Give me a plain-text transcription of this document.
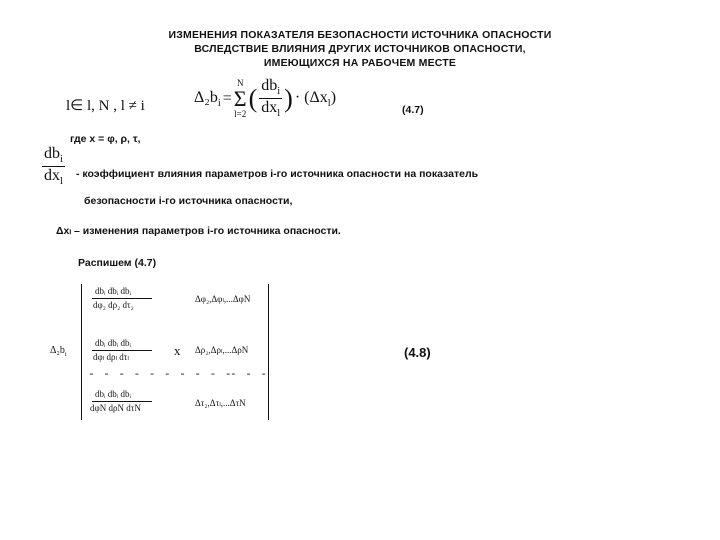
ИЗМЕНЕНИЯ ПОКАЗАТЕЛЯ БЕЗОПАСНОСТИ ИСТОЧНИКА ОПАСНОСТИ
ВСЛЕДСТВИЕ ВЛИЯНИЯ ДРУГИХ ИСТОЧНИКОВ ОПАСНОСТИ,
ИМЕЮЩИХСЯ НА РАБОЧЕМ МЕСТЕ
l∈ l, N , l ≠ i
$\Delta_2b_i$ =
N
Σ
l=2
( $\frac{db_i}{dx_l}$ ) · $(\Delta x_l)$
(4.7)
где x = φ, ρ, τ,
$\frac{db_i}{dx_l}$ - коэффициент влияния параметров i-го источника опасности на показатель
безопасности i-го источника опасности,
Δxₗ – изменения параметров i-го источника опасности.
Распишем (4.7)
$\Delta_2b_i$
dbᵢ dbᵢ dbᵢ
dφ₂ dρ₂ dτ₂
dbᵢ dbᵢ dbᵢ
dφₗ dρₗ dτₗ	x
- - - - - - - - - -
- - -
dbᵢ dbᵢ dbᵢ
dφN dρN dτN
Δφ₂,Δφₗ,...ΔφN
Δρ₂,Δρₗ,...ΔρN
Δτ₂,Δτₗ,...ΔτN
(4.8)
